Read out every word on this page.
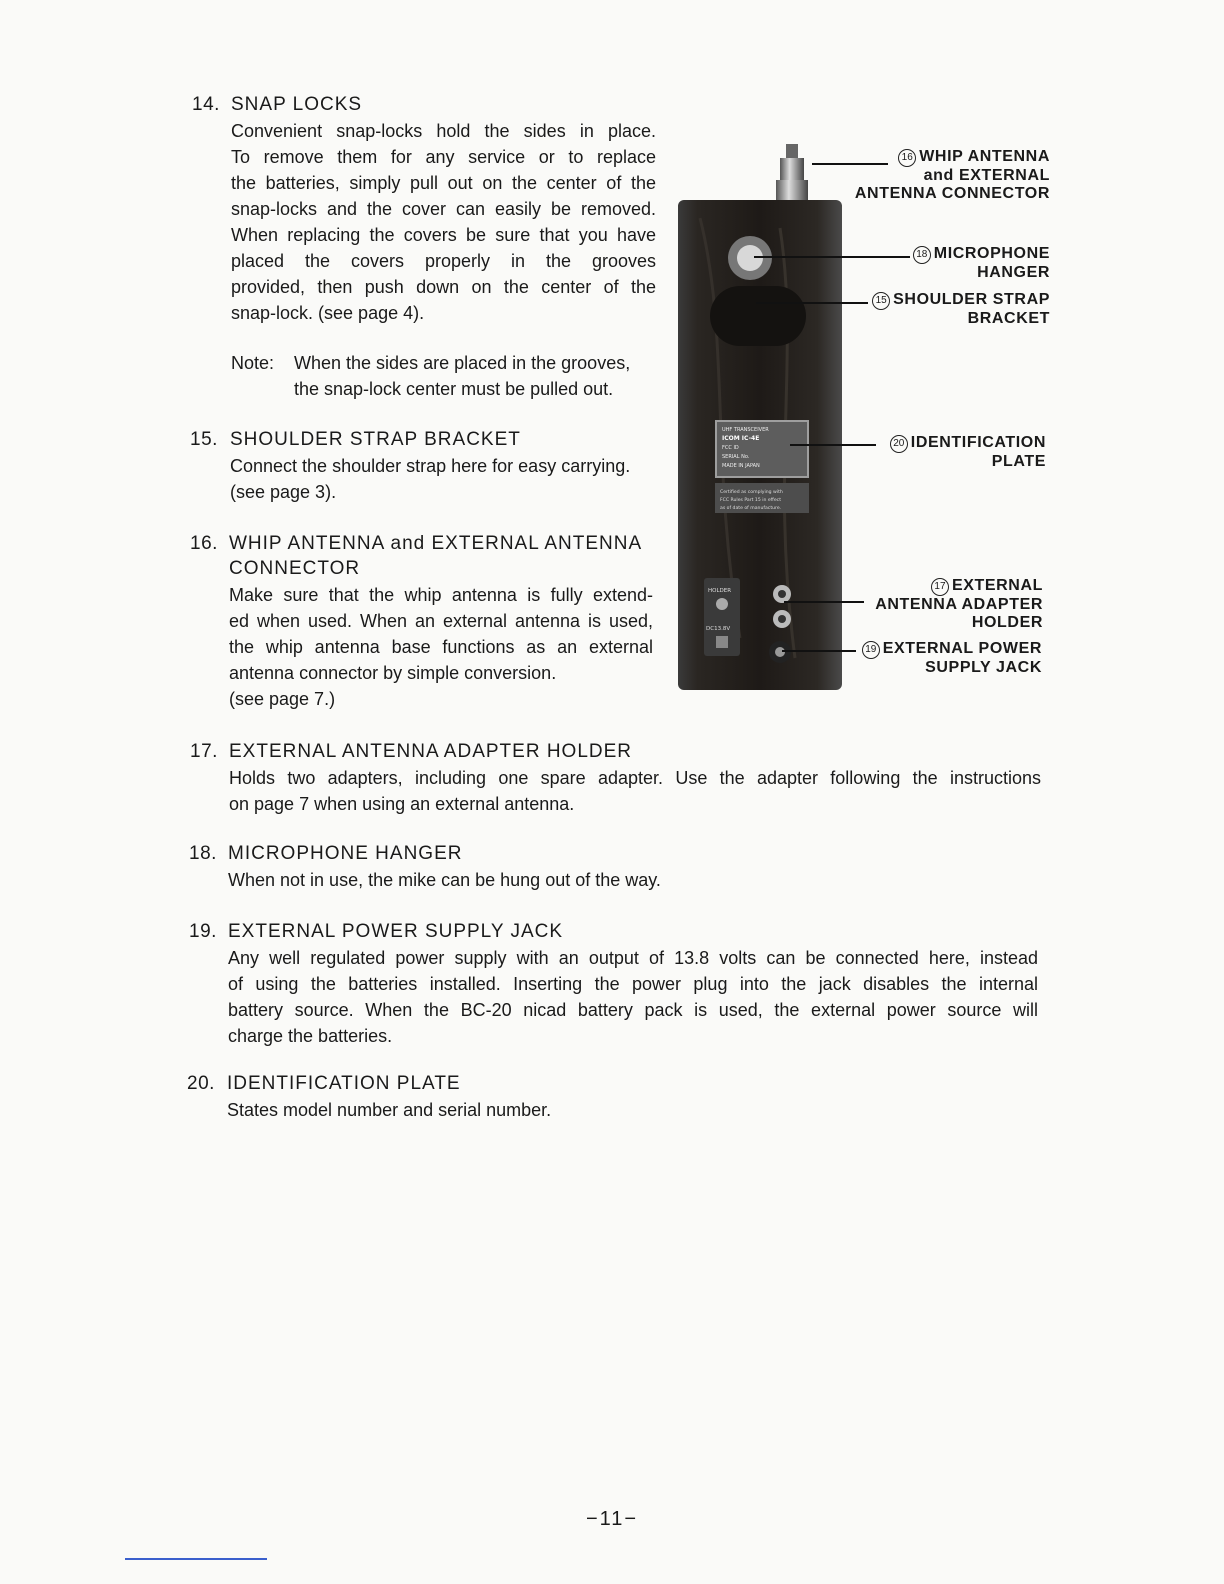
14. SNAP LOCKS
Convenient snap-locks hold the sides in place.
To remove them for any service or to replace
the batteries, simply pull out on the center of the
snap-locks and the cover can easily be removed.
When replacing the covers be sure that you have
placed the covers properly in the grooves
provided, then push down on the center of the
snap-lock. (see page 4).
Note: When the sides are placed in the grooves,
the snap-lock center must be pulled out.
15. SHOULDER STRAP BRACKET
Connect the shoulder strap here for easy carrying.
(see page 3).
16. WHIP ANTENNA and EXTERNAL ANTENNA
CONNECTOR
Make sure that the whip antenna is fully extend-
ed when used. When an external antenna is used,
the whip antenna base functions as an external
antenna connector by simple conversion.
(see page 7.)
17. EXTERNAL ANTENNA ADAPTER HOLDER
Holds two adapters, including one spare adapter. Use the adapter following the instructions
on page 7 when using an external antenna.
18. MICROPHONE HANGER
When not in use, the mike can be hung out of the way.
19. EXTERNAL POWER SUPPLY JACK
Any well regulated power supply with an output of 13.8 volts can be connected here, instead
of using the batteries installed. Inserting the power plug into the jack disables the internal
battery source. When the BC-20 nicad battery pack is used, the external power source will
charge the batteries.
20. IDENTIFICATION PLATE
States model number and serial number.
UHF TRANSCEIVER
ICOM IC-4E
FCC ID
SERIAL No.
MADE IN JAPAN
Certified as complying with
FCC Rules Part 15 in effect
as of date of manufacture.
HOLDER
DC13.8V
16 WHIP ANTENNA
and EXTERNAL
ANTENNA CONNECTOR
18 MICROPHONE
HANGER
15 SHOULDER STRAP
BRACKET
20 IDENTIFICATION
PLATE
17 EXTERNAL
ANTENNA ADAPTER
HOLDER
19 EXTERNAL POWER
SUPPLY JACK
−11−
